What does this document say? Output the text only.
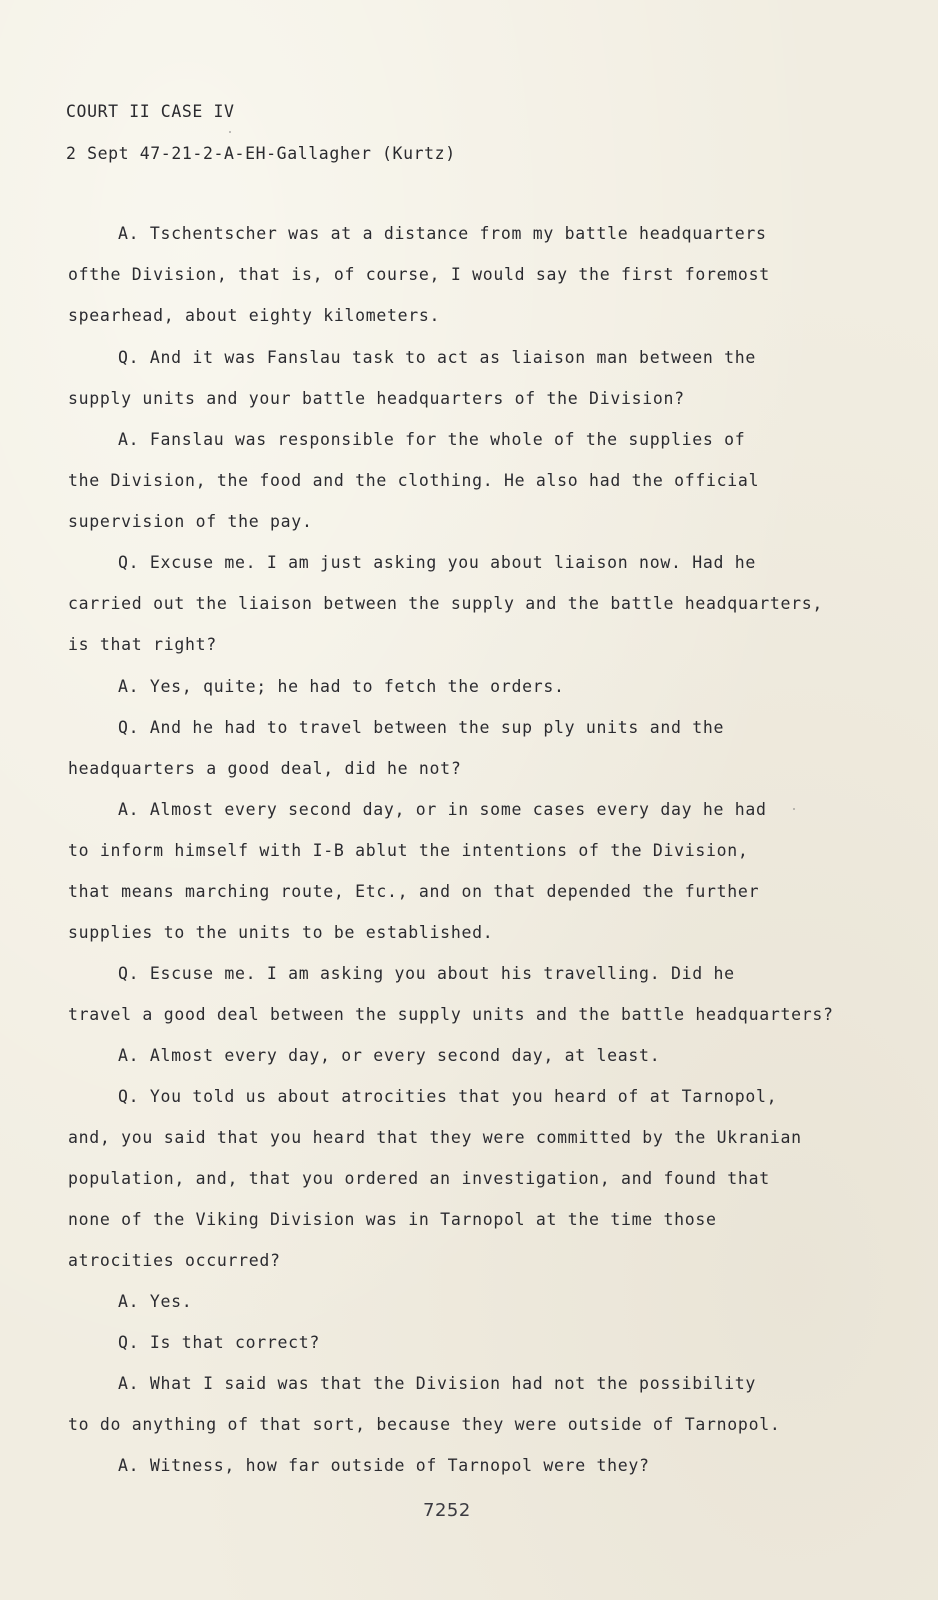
COURT II CASE IV
2 Sept 47-21-2-A-EH-Gallagher (Kurtz)
A. Tschentscher was at a distance from my battle headquarters
ofthe Division, that is, of course, I would say the first foremost
spearhead, about eighty kilometers.
Q. And it was Fanslau task to act as liaison man between the
supply units and your battle headquarters of the Division?
A. Fanslau was responsible for the whole of the supplies of
the Division, the food and the clothing. He also had the official
supervision of the pay.
Q. Excuse me. I am just asking you about liaison now. Had he
carried out the liaison between the supply and the battle headquarters,
is that right?
A. Yes, quite; he had to fetch the orders.
Q. And he had to travel between the sup ply units and the
headquarters a good deal, did he not?
A. Almost every second day, or in some cases every day he had
to inform himself with I-B ablut the intentions of the Division,
that means marching route, Etc., and on that depended the further
supplies to the units to be established.
Q. Escuse me. I am asking you about his travelling. Did he
travel a good deal between the supply units and the battle headquarters?
A. Almost every day, or every second day, at least.
Q. You told us about atrocities that you heard of at Tarnopol,
and, you said that you heard that they were committed by the Ukranian
population, and, that you ordered an investigation, and found that
none of the Viking Division was in Tarnopol at the time those
atrocities occurred?
A. Yes.
Q. Is that correct?
A. What I said was that the Division had not the possibility
to do anything of that sort, because they were outside of Tarnopol.
A. Witness, how far outside of Tarnopol were they?
7252
